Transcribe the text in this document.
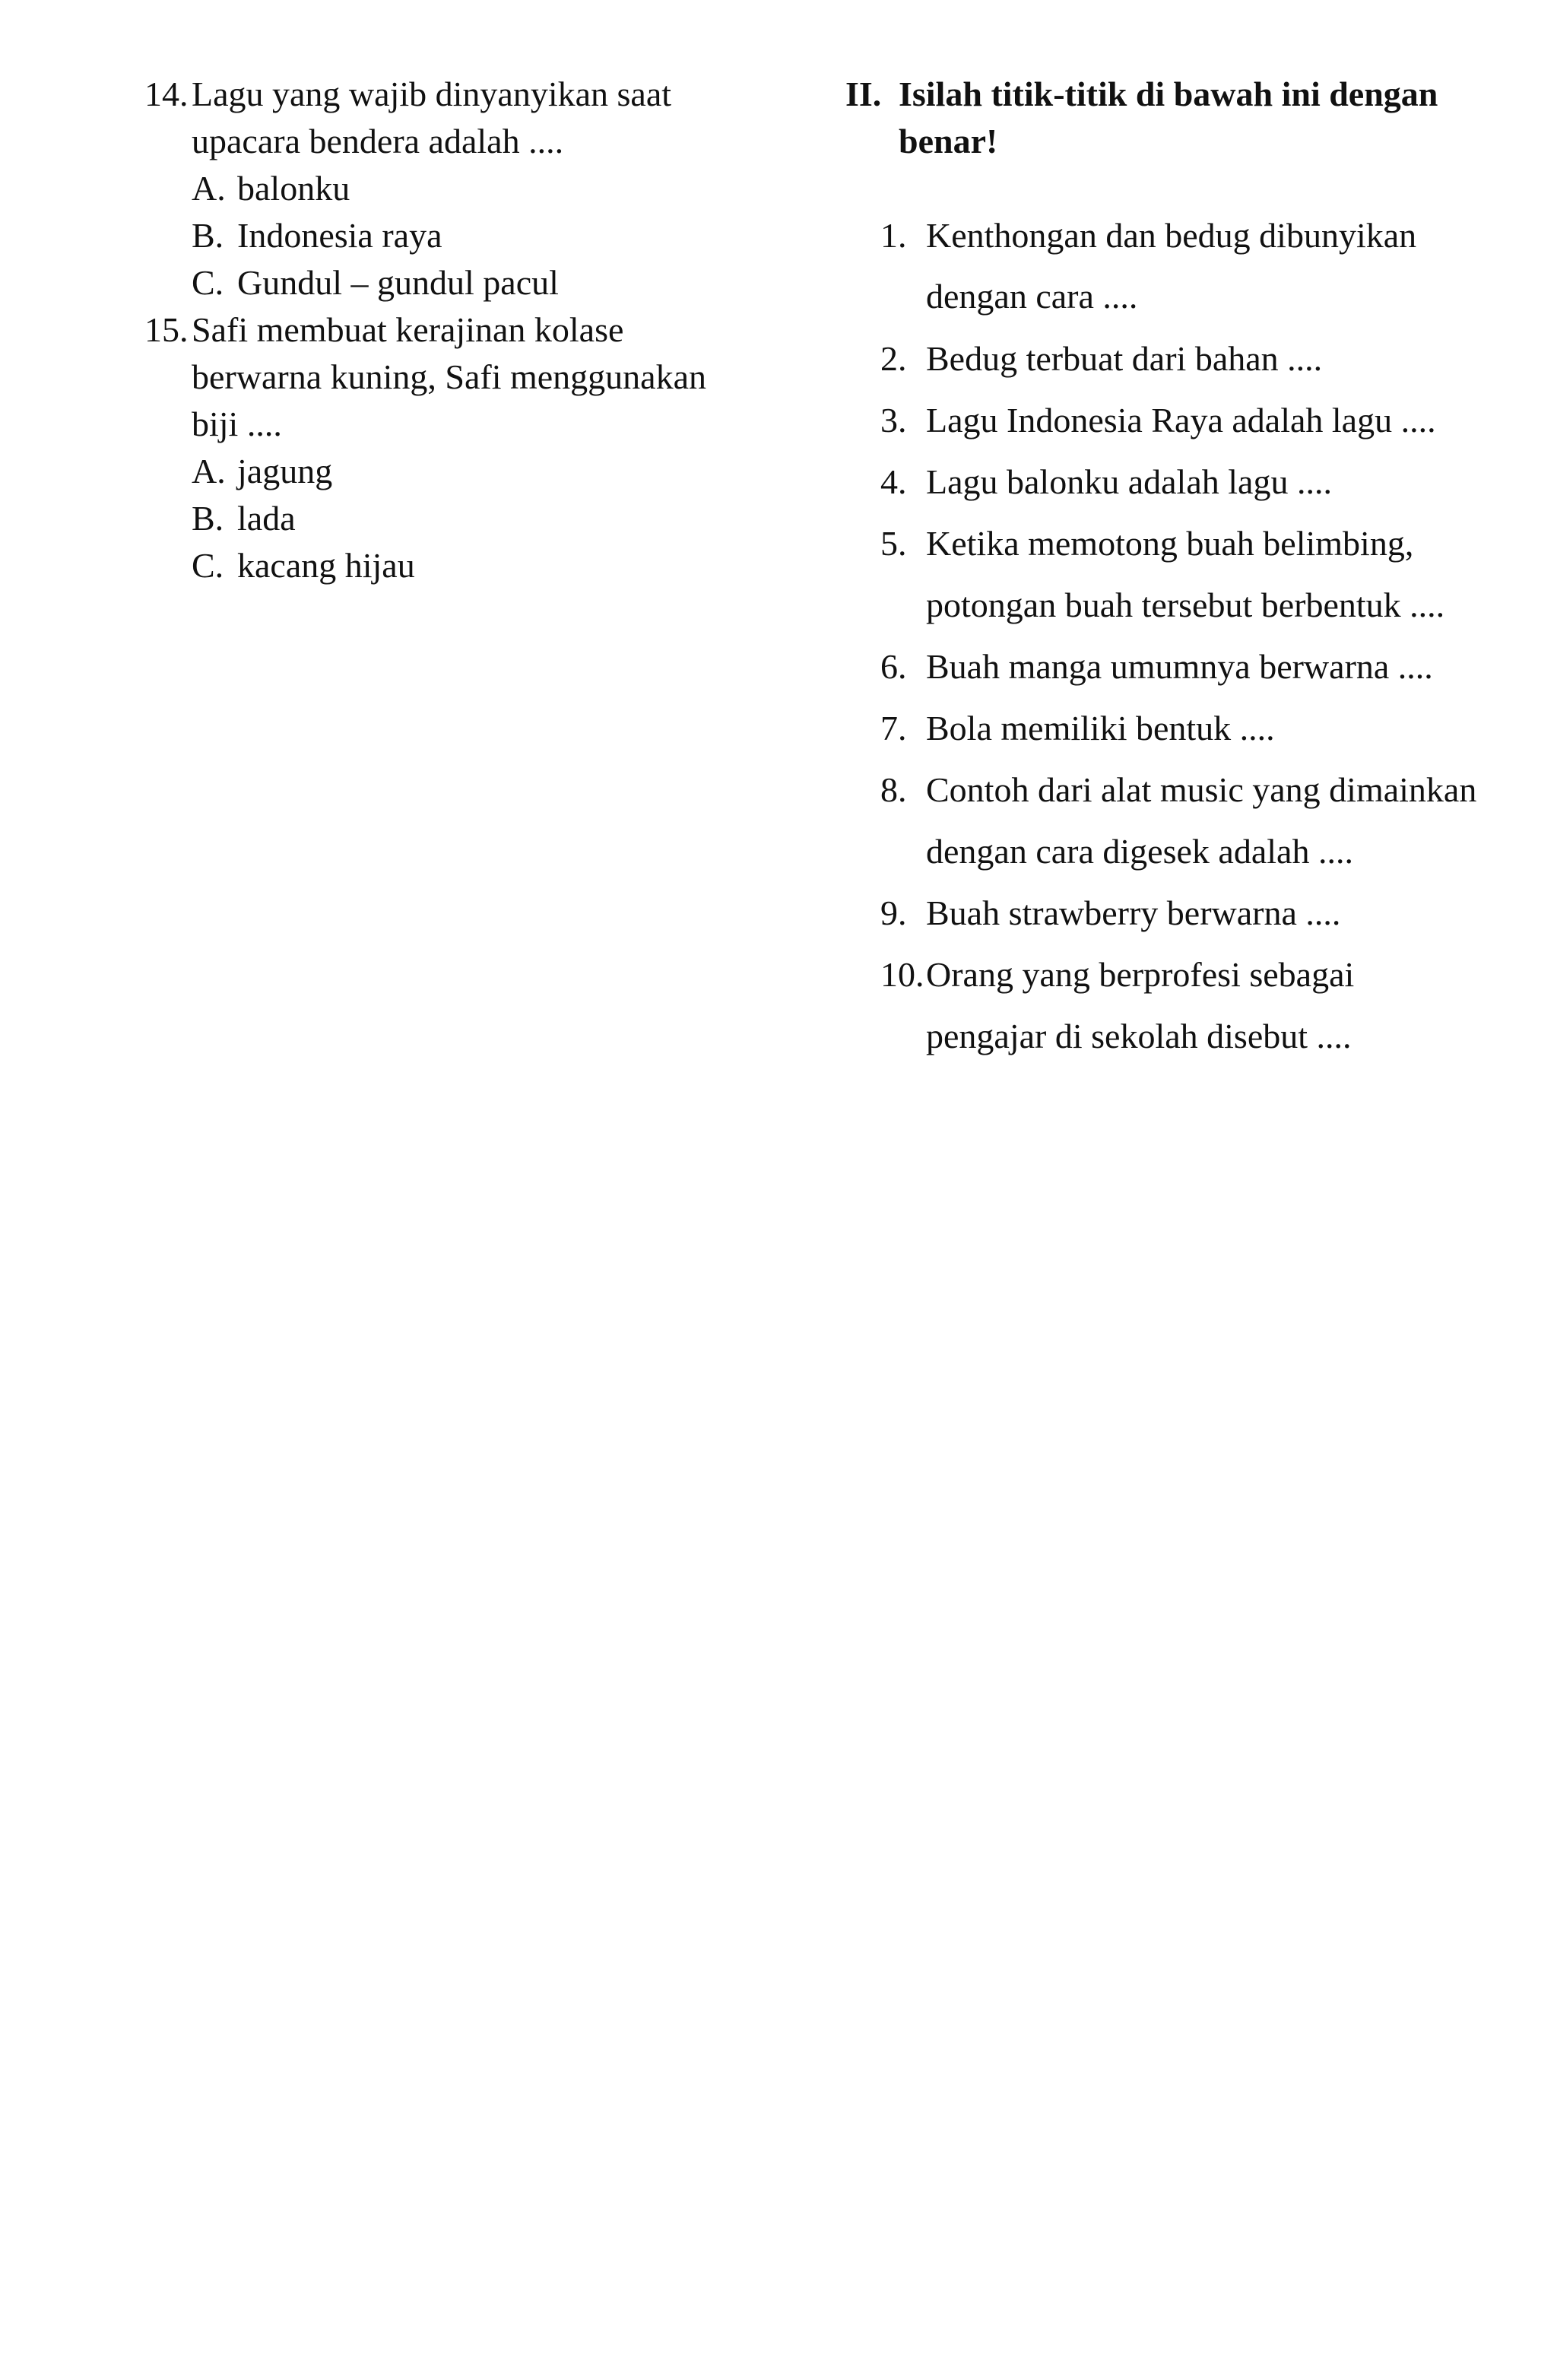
14. Lagu yang wajib dinyanyikan saat
upacara bendera adalah ....
A. balonku
B. Indonesia raya
C. Gundul – gundul pacul
15. Safi membuat kerajinan kolase
berwarna kuning, Safi menggunakan
biji ....
A. jagung
B. lada
C. kacang hijau
II. Isilah titik-titik di bawah ini dengan
benar!
1. Kenthongan dan bedug dibunyikan
dengan cara ....
2. Bedug terbuat dari bahan ....
3. Lagu Indonesia Raya adalah lagu ....
4. Lagu balonku adalah lagu ....
5. Ketika memotong buah belimbing,
potongan buah tersebut berbentuk ....
6. Buah manga umumnya berwarna ....
7. Bola memiliki bentuk ....
8. Contoh dari alat music yang dimainkan
dengan cara digesek adalah ....
9. Buah strawberry berwarna ....
10. Orang yang berprofesi sebagai
pengajar di sekolah disebut ....
